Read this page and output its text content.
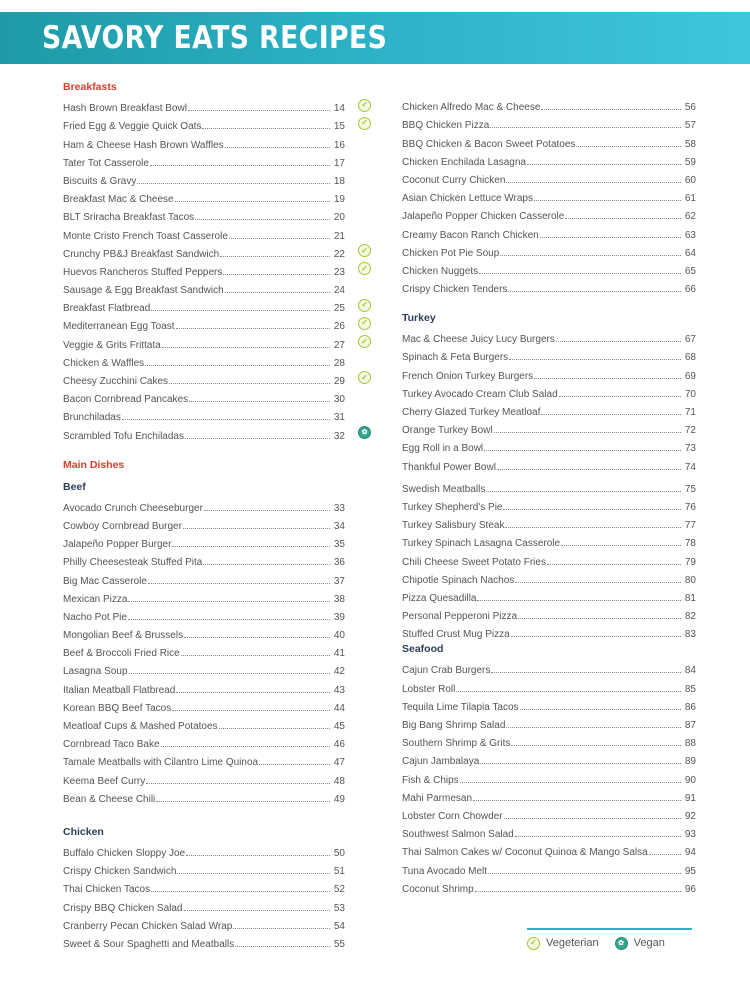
SAVORY EATS RECIPES
Breakfasts
Hash Brown Breakfast Bowl	14	✓
Fried Egg & Veggie Quick Oats	15	✓
Ham & Cheese Hash Brown Waffles	16
Tater Tot Casserole	17
Biscuits & Gravy	18
Breakfast Mac & Cheese	19
BLT Sriracha Breakfast Tacos	20
Monte Cristo French Toast Casserole	21
Crunchy PB&J Breakfast Sandwich	22	✓
Huevos Rancheros Stuffed Peppers	23	✓
Sausage & Egg Breakfast Sandwich	24
Breakfast Flatbread	25	✓
Mediterranean Egg Toast	26	✓
Veggie & Grits Frittata	27	✓
Chicken & Waffles	28
Cheesy Zucchini Cakes	29	✓
Bacon Cornbread Pancakes	30
Brunchiladas	31
Scrambled Tofu Enchiladas	32	✿
Main Dishes
Beef
Avocado Crunch Cheeseburger	33
Cowboy Cornbread Burger	34
Jalapeño Popper Burger	35
Philly Cheesesteak Stuffed Pita	36
Big Mac Casserole	37
Mexican Pizza	38
Nacho Pot Pie	39
Mongolian Beef & Brussels	40
Beef & Broccoli Fried Rice	41
Lasagna Soup	42
Italian Meatball Flatbread	43
Korean BBQ Beef Tacos	44
Meatloaf Cups & Mashed Potatoes	45
Cornbread Taco Bake	46
Tamale Meatballs with Cilantro Lime Quinoa	47
Keema Beef Curry	48
Bean & Cheese Chili	49
Chicken
Buffalo Chicken Sloppy Joe	50
Crispy Chicken Sandwich	51
Thai Chicken Tacos	52
Crispy BBQ Chicken Salad	53
Cranberry Pecan Chicken Salad Wrap	54
Sweet & Sour Spaghetti and Meatballs	55
Chicken Alfredo Mac & Cheese	56
BBQ Chicken Pizza	57
BBQ Chicken & Bacon Sweet Potatoes	58
Chicken Enchilada Lasagna	59
Coconut Curry Chicken	60
Asian Chicken Lettuce Wraps	61
Jalapeño Popper Chicken Casserole	62
Creamy Bacon Ranch Chicken	63
Chicken Pot Pie Soup	64
Chicken Nuggets	65
Crispy Chicken Tenders	66
Turkey
Mac & Cheese Juicy Lucy Burgers	67
Spinach & Feta Burgers	68
French Onion Turkey Burgers	69
Turkey Avocado Cream Club Salad	70
Cherry Glazed Turkey Meatloaf	71
Orange Turkey Bowl	72
Egg Roll in a Bowl	73
Thankful Power Bowl	74
Swedish Meatballs	75
Turkey Shepherd's Pie	76
Turkey Salisbury Steak	77
Turkey Spinach Lasagna Casserole	78
Chili Cheese Sweet Potato Fries	79
Chipotle Spinach Nachos	80
Pizza Quesadilla	81
Personal Pepperoni Pizza	82
Stuffed Crust Mug Pizza	83
Seafood
Cajun Crab Burgers	84
Lobster Roll	85
Tequila Lime Tilapia Tacos	86
Big Bang Shrimp Salad	87
Southern Shrimp & Grits	88
Cajun Jambalaya	89
Fish & Chips	90
Mahi Parmesan	91
Lobster Corn Chowder	92
Southwest Salmon Salad	93
Thai Salmon Cakes w/ Coconut Quinoa & Mango Salsa	94
Tuna Avocado Melt	95
Coconut Shrimp	96
✓ Vegeterian	✿ Vegan
